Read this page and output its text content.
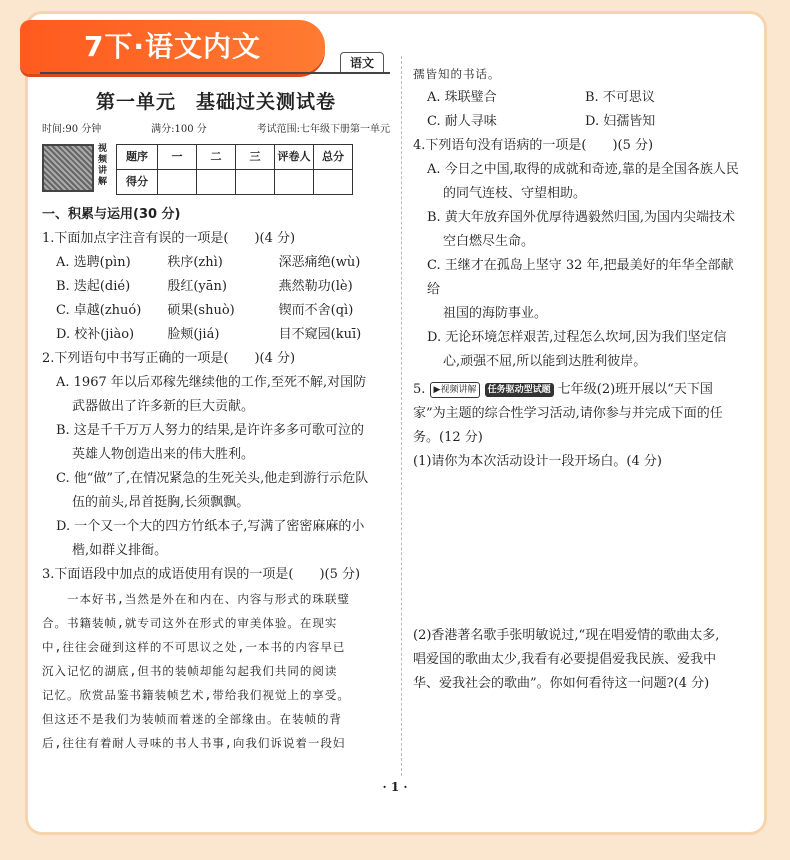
7下·语文内文	语文
第一单元　基础过关测试卷
时间:90 分钟	满分:100 分	考试范围:七年级下册第一单元
视频讲解
题序	一	二	三	评卷人	总分
得分					
一、积累与运用(30 分)

1.下面加点字注音有误的一项是(　　)(4 分)

A. 选聘(pìn)	秩序(zhì)	深恶痛绝(wù)
B. 迭起(dié)	殷红(yān)	燕然勒功(lè)
C. 卓越(zhuó)	硕果(shuò)	锲而不舍(qì)
D. 校补(jiào)	脸颊(jiá)	目不窥园(kuī)

2.下列语句中书写正确的一项是(　　)(4 分)

A. 1967 年以后邓稼先继续他的工作,至死不解,对国防

武器做出了许多新的巨大贡献。

B. 这是千千万万人努力的结果,是许许多多可歌可泣的

英雄人物创造出来的伟大胜利。

C. 他“做”了,在情况紧急的生死关头,他走到游行示危队

伍的前头,昂首挺胸,长须飘飘。

D. 一个又一个大的四方竹纸本子,写满了密密麻麻的小

楷,如群义排衙。

3.下面语段中加点的成语使用有误的一项是(　　)(5 分)

　　一本好书,当然是外在和内在、内容与形式的珠联璧
合。书籍装帧,就专司这外在形式的审美体验。在现实
中,往往会碰到这样的不可思议之处,一本书的内容早已
沉入记忆的湖底,但书的装帧却能勾起我们共同的阅读
记忆。欣赏品鉴书籍装帧艺术,带给我们视觉上的享受。
但这还不是我们为装帧而着迷的全部缘由。在装帧的背
后,往往有着耐人寻味的书人书事,向我们诉说着一段妇
孺皆知的书话。
A. 珠联璧合	B. 不可思议
C. 耐人寻味	D. 妇孺皆知

4.下列语句没有语病的一项是(　　)(5 分)

A. 今日之中国,取得的成就和奇迹,靠的是全国各族人民

的同气连枝、守望相助。

B. 黄大年放弃国外优厚待遇毅然归国,为国内尖端技术

空白燃尽生命。

C. 王继才在孤岛上坚守 32 年,把最美好的年华全部献给

祖国的海防事业。

D. 无论环境怎样艰苦,过程怎么坎坷,因为我们坚定信

心,顽强不屈,所以能到达胜利彼岸。

5. ▶视频讲解 任务驱动型试题 七年级(2)班开展以“天下国

家”为主题的综合性学习活动,请你参与并完成下面的任

务。(12 分)

(1)请你为本次活动设计一段开场白。(4 分)

(2)香港著名歌手张明敏说过,“现在唱爱情的歌曲太多,

唱爱国的歌曲太少,我看有必要提倡爱我民族、爱我中

华、爱我社会的歌曲”。你如何看待这一问题?(4 分)

· 1 ·
